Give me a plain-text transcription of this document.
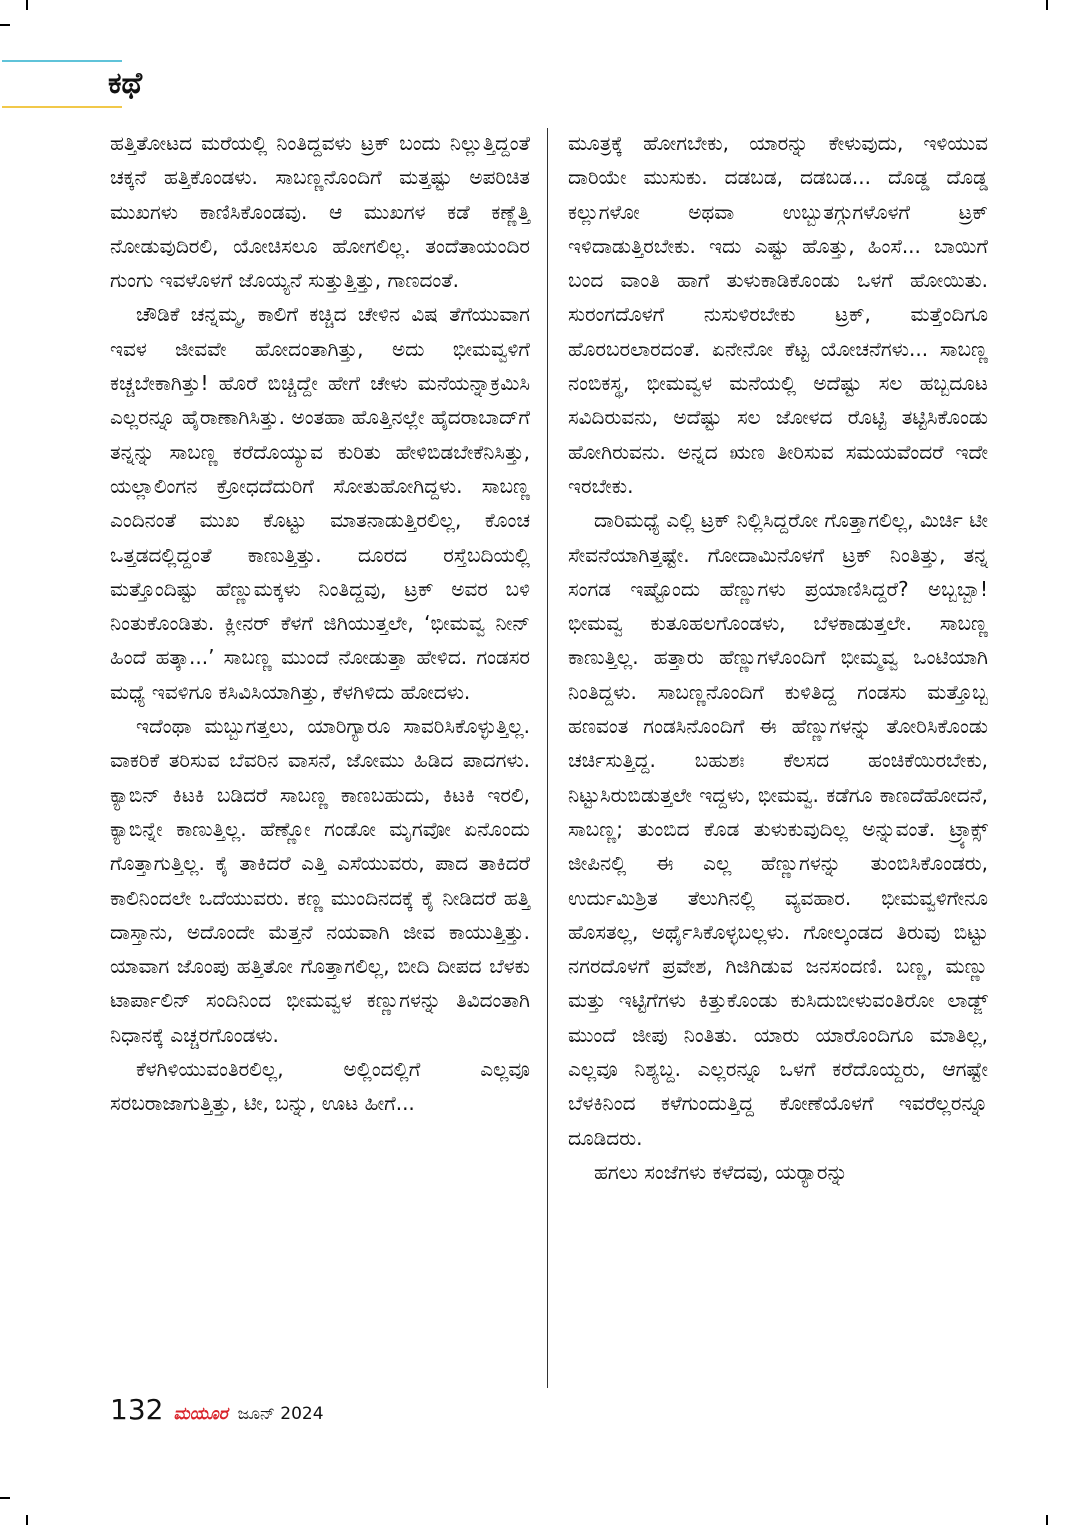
ಕಥೆ

ಹತ್ತಿತೋಟದ ಮರೆಯಲ್ಲಿ ನಿಂತಿದ್ದವಳು ಟ್ರಕ್ ಬಂದು ನಿಲ್ಲುತ್ತಿದ್ದಂತೆ ಚಕ್ಕನೆ ಹತ್ತಿಕೊಂಡಳು. ಸಾಬಣ್ಣನೊಂದಿಗೆ ಮತ್ತಷ್ಟು ಅಪರಿಚಿತ ಮುಖಗಳು ಕಾಣಿಸಿಕೊಂಡವು. ಆ ಮುಖಗಳ ಕಡೆ ಕಣ್ಣೆತ್ತಿ ನೋಡುವುದಿರಲಿ, ಯೋಚಿಸಲೂ ಹೋಗಲಿಲ್ಲ. ತಂದೆತಾಯಂದಿರ ಗುಂಗು ಇವಳೊಳಗೆ ಜೊಯ್ಯನೆ ಸುತ್ತುತ್ತಿತ್ತು, ಗಾಣದಂತೆ.

ಚೌಡಿಕೆ ಚನ್ನಮ್ಮ, ಕಾಲಿಗೆ ಕಚ್ಚಿದ ಚೇಳಿನ ವಿಷ ತೆಗೆಯುವಾಗ ಇವಳ ಜೀವವೇ ಹೋದಂತಾಗಿತ್ತು, ಅದು ಭೀಮವ್ವಳಿಗೆ ಕಚ್ಚಬೇಕಾಗಿತ್ತು! ಹೊರೆ ಬಿಚ್ಚಿದ್ದೇ ಹೇಗೆ ಚೇಳು ಮನೆಯನ್ನಾಕ್ರಮಿಸಿ ಎಲ್ಲರನ್ನೂ ಹೈರಾಣಾಗಿಸಿತ್ತು. ಅಂತಹಾ ಹೊತ್ತಿನಲ್ಲೇ ಹೈದರಾಬಾದ್‌ಗೆ ತನ್ನನ್ನು ಸಾಬಣ್ಣ ಕರೆದೊಯ್ಯುವ ಕುರಿತು ಹೇಳಿಬಿಡಬೇಕೆನಿಸಿತ್ತು, ಯಲ್ಲಾಲಿಂಗನ ಕ್ರೋಧದೆದುರಿಗೆ ಸೋತುಹೋಗಿದ್ದಳು. ಸಾಬಣ್ಣ ಎಂದಿನಂತೆ ಮುಖ ಕೊಟ್ಟು ಮಾತನಾಡುತ್ತಿರಲಿಲ್ಲ, ಕೊಂಚ ಒತ್ತಡದಲ್ಲಿದ್ದಂತೆ ಕಾಣುತ್ತಿತ್ತು. ದೂರದ ರಸ್ತೆಬದಿಯಲ್ಲಿ ಮತ್ತೊಂದಿಷ್ಟು ಹೆಣ್ಣುಮಕ್ಕಳು ನಿಂತಿದ್ದವು, ಟ್ರಕ್ ಅವರ ಬಳಿ ನಿಂತುಕೊಂಡಿತು. ಕ್ಲೀನರ್ ಕೆಳಗೆ ಜಿಗಿಯುತ್ತಲೇ, ‘ಭೀಮವ್ವ ನೀನ್ ಹಿಂದೆ ಹತ್ಕಾ...’ ಸಾಬಣ್ಣ ಮುಂದೆ ನೋಡುತ್ತಾ ಹೇಳಿದ. ಗಂಡಸರ ಮಧ್ಯೆ ಇವಳಿಗೂ ಕಸಿವಿಸಿಯಾಗಿತ್ತು, ಕೆಳಗಿಳಿದು ಹೋದಳು.

ಇದೆಂಥಾ ಮಬ್ಬುಗತ್ತಲು, ಯಾರಿಗ್ಯಾರೂ ಸಾವರಿಸಿಕೊಳ್ಳುತ್ತಿಲ್ಲ. ವಾಕರಿಕೆ ತರಿಸುವ ಬೆವರಿನ ವಾಸನೆ, ಜೋಮು ಹಿಡಿದ ಪಾದಗಳು. ಕ್ಯಾಬಿನ್ ಕಿಟಕಿ ಬಡಿದರೆ ಸಾಬಣ್ಣ ಕಾಣಬಹುದು, ಕಿಟಕಿ ಇರಲಿ, ಕ್ಯಾಬಿನ್ನೇ ಕಾಣುತ್ತಿಲ್ಲ. ಹೆಣ್ಣೋ ಗಂಡೋ ಮೃಗವೋ ಏನೊಂದು ಗೊತ್ತಾಗುತ್ತಿಲ್ಲ. ಕೈ ತಾಕಿದರೆ ಎತ್ತಿ ಎಸೆಯುವರು, ಪಾದ ತಾಕಿದರೆ ಕಾಲಿನಿಂದಲೇ ಒದೆಯುವರು. ಕಣ್ಣ ಮುಂದಿನದಕ್ಕೆ ಕೈ ನೀಡಿದರೆ ಹತ್ತಿ ದಾಸ್ತಾನು, ಅದೊಂದೇ ಮೆತ್ತನೆ ನಯವಾಗಿ ಜೀವ ಕಾಯುತ್ತಿತ್ತು. ಯಾವಾಗ ಜೊಂಪು ಹತ್ತಿತೋ ಗೊತ್ತಾಗಲಿಲ್ಲ, ಬೀದಿ ದೀಪದ ಬೆಳಕು ಟಾರ್ಪಾಲಿನ್ ಸಂದಿನಿಂದ ಭೀಮವ್ವಳ ಕಣ್ಣುಗಳನ್ನು ತಿವಿದಂತಾಗಿ ನಿಧಾನಕ್ಕೆ ಎಚ್ಚರಗೊಂಡಳು.

ಕೆಳಗಿಳಿಯುವಂತಿರಲಿಲ್ಲ, ಅಲ್ಲಿಂದಲ್ಲಿಗೆ ಎಲ್ಲವೂ ಸರಬರಾಜಾಗುತ್ತಿತ್ತು, ಟೀ, ಬನ್ನು, ಊಟ ಹೀಗೆ...

ಮೂತ್ರಕ್ಕೆ ಹೋಗಬೇಕು, ಯಾರನ್ನು ಕೇಳುವುದು, ಇಳಿಯುವ ದಾರಿಯೇ ಮುಸುಕು. ದಡಬಡ, ದಡಬಡ... ದೊಡ್ಡ ದೊಡ್ಡ ಕಲ್ಲುಗಳೋ ಅಥವಾ ಉಬ್ಬುತಗ್ಗುಗಳೊಳಗೆ ಟ್ರಕ್ ಇಳಿದಾಡುತ್ತಿರಬೇಕು. ಇದು ಎಷ್ಟು ಹೊತ್ತು, ಹಿಂಸೆ... ಬಾಯಿಗೆ ಬಂದ ವಾಂತಿ ಹಾಗೆ ತುಳುಕಾಡಿಕೊಂಡು ಒಳಗೆ ಹೋಯಿತು. ಸುರಂಗದೊಳಗೆ ನುಸುಳಿರಬೇಕು ಟ್ರಕ್, ಮತ್ತೆಂದಿಗೂ ಹೊರಬರಲಾರದಂತೆ. ಏನೇನೋ ಕೆಟ್ಟ ಯೋಚನೆಗಳು... ಸಾಬಣ್ಣ ನಂಬಿಕಸ್ಥ, ಭೀಮವ್ವಳ ಮನೆಯಲ್ಲಿ ಅದೆಷ್ಟು ಸಲ ಹಬ್ಬದೂಟ ಸವಿದಿರುವನು, ಅದೆಷ್ಟು ಸಲ ಜೋಳದ ರೊಟ್ಟಿ ತಟ್ಟಿಸಿಕೊಂಡು ಹೋಗಿರುವನು. ಅನ್ನದ ಋಣ ತೀರಿಸುವ ಸಮಯವೆಂದರೆ ಇದೇ ಇರಬೇಕು.

ದಾರಿಮಧ್ಯೆ ಎಲ್ಲಿ ಟ್ರಕ್ ನಿಲ್ಲಿಸಿದ್ದರೋ ಗೊತ್ತಾಗಲಿಲ್ಲ, ಮಿರ್ಚಿ ಟೀ ಸೇವನೆಯಾಗಿತ್ತಷ್ಟೇ. ಗೋದಾಮಿನೊಳಗೆ ಟ್ರಕ್ ನಿಂತಿತ್ತು, ತನ್ನ ಸಂಗಡ ಇಷ್ಟೊಂದು ಹೆಣ್ಣುಗಳು ಪ್ರಯಾಣಿಸಿದ್ದರೆ? ಅಬ್ಬಬ್ಬಾ! ಭೀಮವ್ವ ಕುತೂಹಲಗೊಂಡಳು, ಬೆಳಕಾಡುತ್ತಲೇ. ಸಾಬಣ್ಣ ಕಾಣುತ್ತಿಲ್ಲ. ಹತ್ತಾರು ಹೆಣ್ಣುಗಳೊಂದಿಗೆ ಭೀಮ್ಮವ್ವ ಒಂಟಿಯಾಗಿ ನಿಂತಿದ್ದಳು. ಸಾಬಣ್ಣನೊಂದಿಗೆ ಕುಳಿತಿದ್ದ ಗಂಡಸು ಮತ್ತೊಬ್ಬ ಹಣವಂತ ಗಂಡಸಿನೊಂದಿಗೆ ಈ ಹೆಣ್ಣುಗಳನ್ನು ತೋರಿಸಿಕೊಂಡು ಚರ್ಚಿಸುತ್ತಿದ್ದ. ಬಹುಶಃ ಕೆಲಸದ ಹಂಚಿಕೆಯಿರಬೇಕು, ನಿಟ್ಟುಸಿರುಬಿಡುತ್ತಲೇ ಇದ್ದಳು, ಭೀಮವ್ವ. ಕಡೆಗೂ ಕಾಣದೆಹೋದನೆ, ಸಾಬಣ್ಣ; ತುಂಬಿದ ಕೊಡ ತುಳುಕುವುದಿಲ್ಲ ಅನ್ನುವಂತೆ. ಟ್ರ್ಯಾಕ್ಸ್ ಜೀಪಿನಲ್ಲಿ ಈ ಎಲ್ಲ ಹೆಣ್ಣುಗಳನ್ನು ತುಂಬಿಸಿಕೊಂಡರು, ಉರ್ದುಮಿಶ್ರಿತ ತೆಲುಗಿನಲ್ಲಿ ವ್ಯವಹಾರ. ಭೀಮವ್ವಳಿಗೇನೂ ಹೊಸತಲ್ಲ, ಅರ್ಥೈಸಿಕೊಳ್ಳಬಲ್ಲಳು. ಗೋಲ್ಕಂಡದ ತಿರುವು ಬಿಟ್ಟು ನಗರದೊಳಗೆ ಪ್ರವೇಶ, ಗಿಜಿಗಿಡುವ ಜನಸಂದಣಿ. ಬಣ್ಣ, ಮಣ್ಣು ಮತ್ತು ಇಟ್ಟಿಗೆಗಳು ಕಿತ್ತುಕೊಂಡು ಕುಸಿದುಬೀಳುವಂತಿರೋ ಲಾಡ್ಜ್ ಮುಂದೆ ಜೀಪು ನಿಂತಿತು. ಯಾರು ಯಾರೊಂದಿಗೂ ಮಾತಿಲ್ಲ, ಎಲ್ಲವೂ ನಿಶ್ಯಬ್ದ. ಎಲ್ಲರನ್ನೂ ಒಳಗೆ ಕರೆದೊಯ್ದರು, ಆಗಷ್ಟೇ ಬೆಳಕಿನಿಂದ ಕಳೆಗುಂದುತ್ತಿದ್ದ ಕೋಣೆಯೊಳಗೆ ಇವರೆಲ್ಲರನ್ನೂ ದೂಡಿದರು.

ಹಗಲು ಸಂಜೆಗಳು ಕಳೆದವು, ಯರ‍್ಯಾರನ್ನು

132 ಮಯೂರ ಜೂನ್ 2024
